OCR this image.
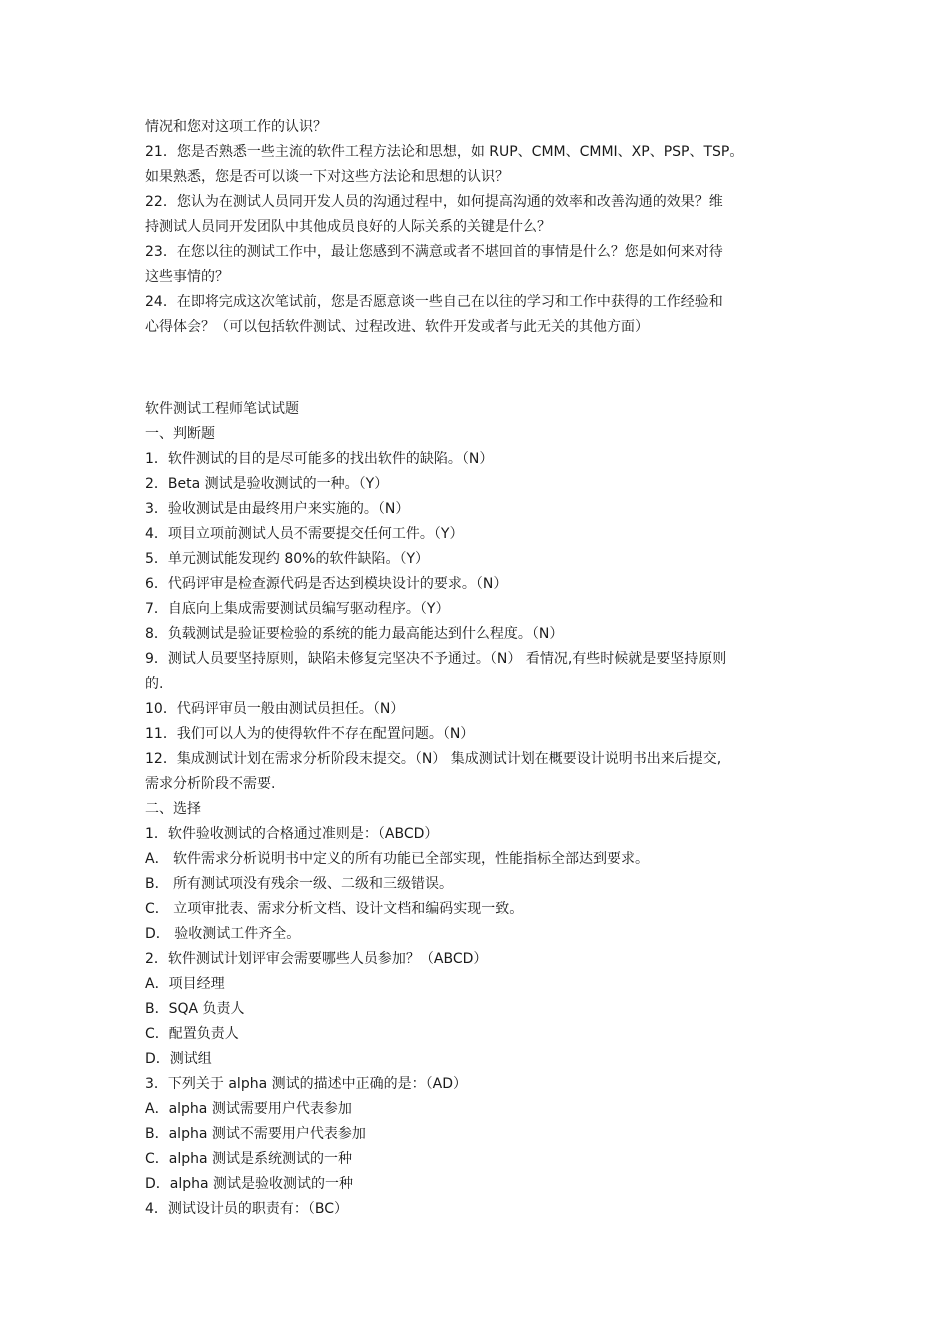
情况和您对这项工作的认识？
21．您是否熟悉一些主流的软件工程方法论和思想，如 RUP、CMM、CMMI、XP、PSP、TSP。
如果熟悉，您是否可以谈一下对这些方法论和思想的认识？
22．您认为在测试人员同开发人员的沟通过程中，如何提高沟通的效率和改善沟通的效果？维
持测试人员同开发团队中其他成员良好的人际关系的关键是什么？
23．在您以往的测试工作中，最让您感到不满意或者不堪回首的事情是什么？您是如何来对待
这些事情的？
24．在即将完成这次笔试前，您是否愿意谈一些自己在以往的学习和工作中获得的工作经验和
心得体会？（可以包括软件测试、过程改进、软件开发或者与此无关的其他方面）
软件测试工程师笔试试题
一、判断题
1．软件测试的目的是尽可能多的找出软件的缺陷。（N）
2．Beta 测试是验收测试的一种。（Y）
3．验收测试是由最终用户来实施的。（N）
4．项目立项前测试人员不需要提交任何工件。（Y）
5．单元测试能发现约 80%的软件缺陷。（Y）
6．代码评审是检查源代码是否达到模块设计的要求。（N）
7．自底向上集成需要测试员编写驱动程序。（Y）
8．负载测试是验证要检验的系统的能力最高能达到什么程度。（N）
9．测试人员要坚持原则，缺陷未修复完坚决不予通过。（N） 看情况,有些时候就是要坚持原则
的.
10．代码评审员一般由测试员担任。（N）
11．我们可以人为的使得软件不存在配置问题。（N）
12．集成测试计划在需求分析阶段末提交。（N） 集成测试计划在概要设计说明书出来后提交,
需求分析阶段不需要.
二、选择
1．软件验收测试的合格通过准则是：（ABCD）
A． 软件需求分析说明书中定义的所有功能已全部实现，性能指标全部达到要求。
B． 所有测试项没有残余一级、二级和三级错误。
C． 立项审批表、需求分析文档、设计文档和编码实现一致。
D． 验收测试工件齐全。
2．软件测试计划评审会需要哪些人员参加？（ABCD）
A．项目经理
B．SQA 负责人
C．配置负责人
D．测试组
3．下列关于 alpha 测试的描述中正确的是：（AD）
A．alpha 测试需要用户代表参加
B．alpha 测试不需要用户代表参加
C．alpha 测试是系统测试的一种
D．alpha 测试是验收测试的一种
4．测试设计员的职责有：（BC）
